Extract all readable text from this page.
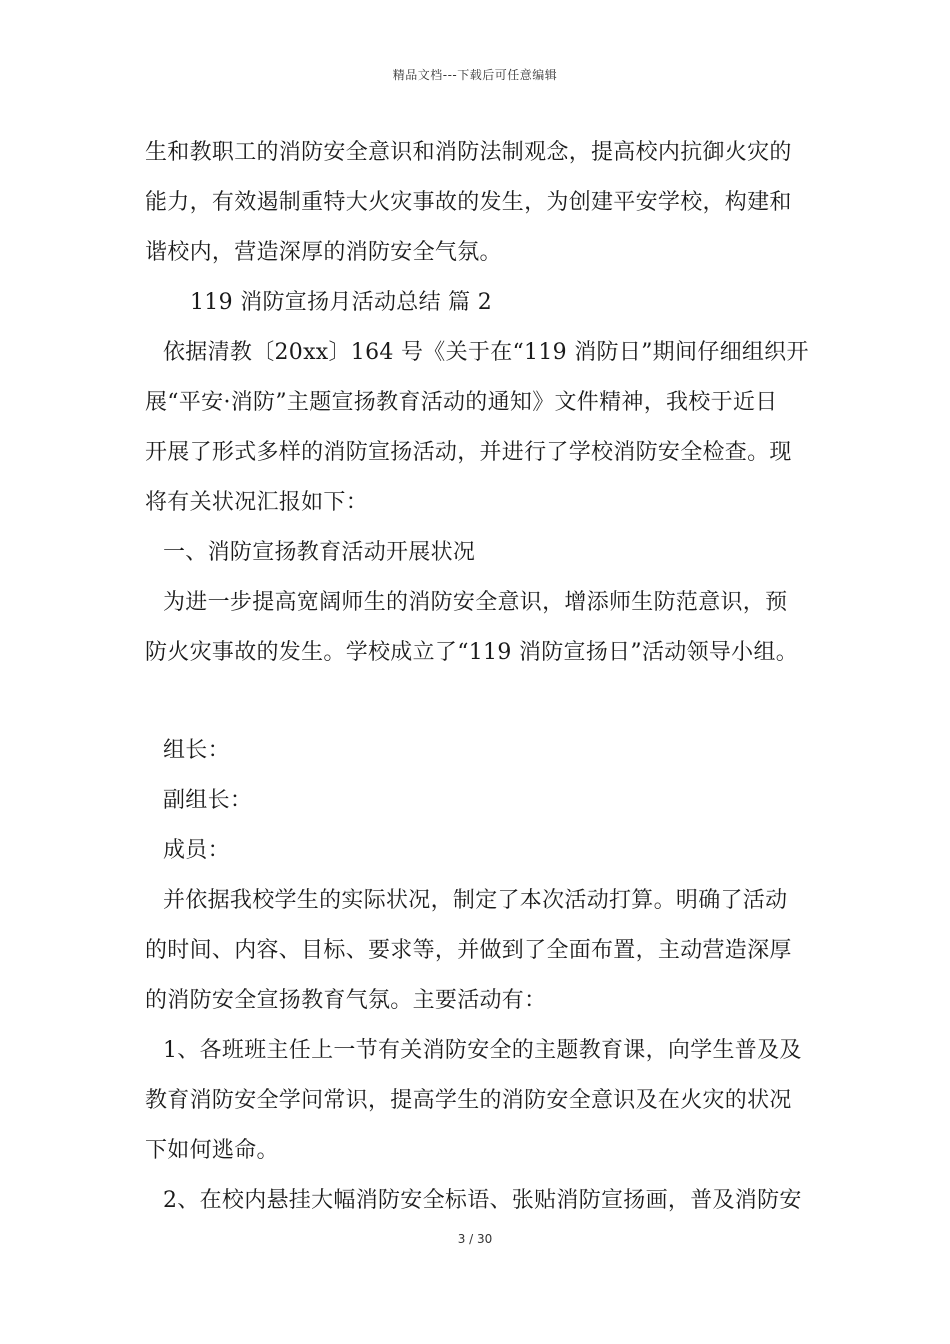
精品文档---下载后可任意编辑
生和教职工的消防安全意识和消防法制观念，提高校内抗御火灾的
能力，有效遏制重特大火灾事故的发生，为创建平安学校，构建和
谐校内，营造深厚的消防安全气氛。
119 消防宣扬月活动总结 篇 2
依据清教〔20xx〕164 号《关于在“119 消防日”期间仔细组织开
展“平安·消防”主题宣扬教育活动的通知》文件精神，我校于近日
开展了形式多样的消防宣扬活动，并进行了学校消防安全检查。现
将有关状况汇报如下：
一、消防宣扬教育活动开展状况
为进一步提高宽阔师生的消防安全意识，增添师生防范意识，预
防火灾事故的发生。学校成立了“119 消防宣扬日”活动领导小组。
组长：
副组长：
成员：
并依据我校学生的实际状况，制定了本次活动打算。明确了活动
的时间、内容、目标、要求等，并做到了全面布置，主动营造深厚
的消防安全宣扬教育气氛。主要活动有：
1、各班班主任上一节有关消防安全的主题教育课，向学生普及及
教育消防安全学问常识，提高学生的消防安全意识及在火灾的状况
下如何逃命。
2、在校内悬挂大幅消防安全标语、张贴消防宣扬画，普及消防安
3 / 30
